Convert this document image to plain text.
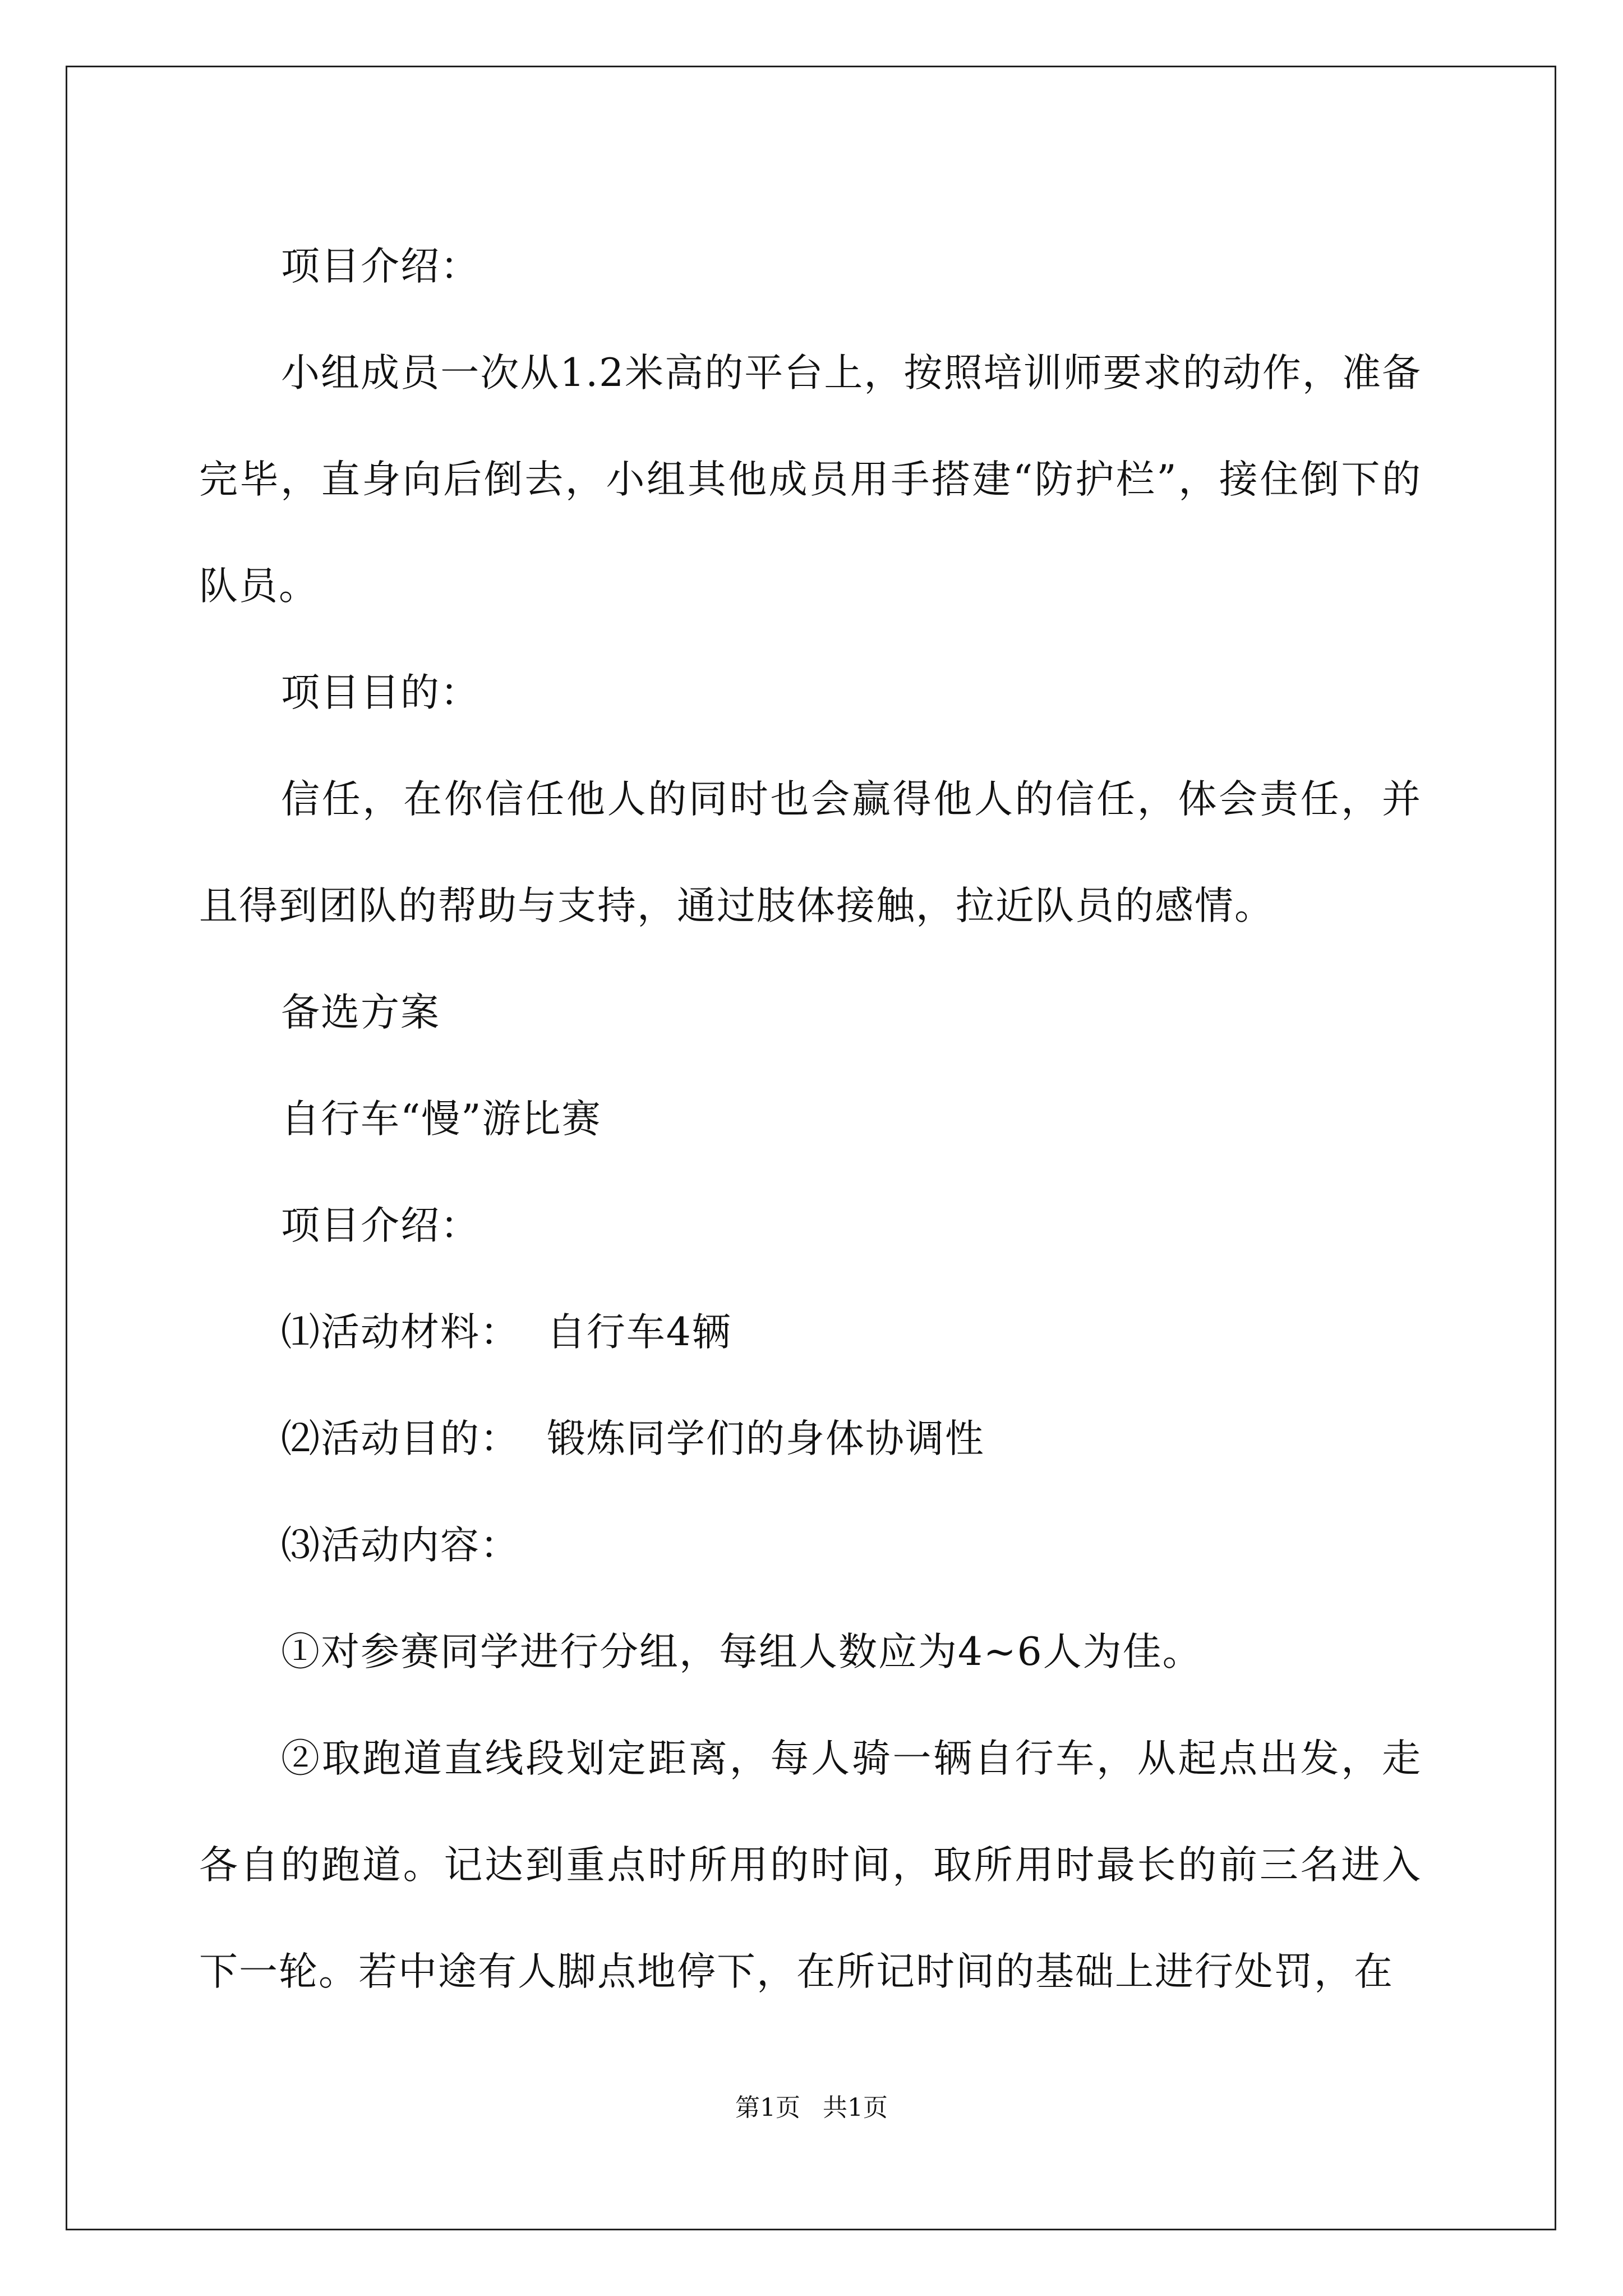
项目介绍：

小组成员一次从1.2米高的平台上，按照培训师要求的动作，准备完毕，直身向后倒去，小组其他成员用手搭建“防护栏”，接住倒下的队员。

项目目的：

信任，在你信任他人的同时也会赢得他人的信任，体会责任，并且得到团队的帮助与支持，通过肢体接触，拉近队员的感情。

备选方案

自行车“慢”游比赛

项目介绍：

⑴活动材料：  自行车4辆

⑵活动目的：  锻炼同学们的身体协调性

⑶活动内容：

①对参赛同学进行分组，每组人数应为4~6人为佳。

②取跑道直线段划定距离，每人骑一辆自行车，从起点出发，走各自的跑道。记达到重点时所用的时间，取所用时最长的前三名进入下一轮。若中途有人脚点地停下，在所记时间的基础上进行处罚，在

第1页 共1页
